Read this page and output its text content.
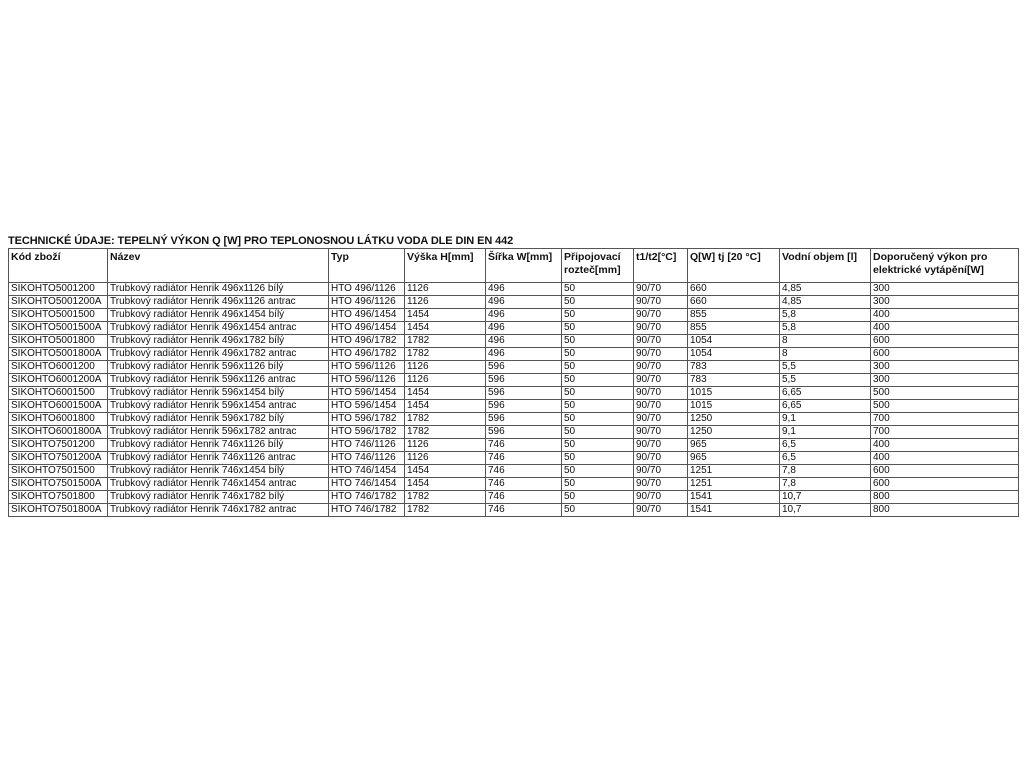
TECHNICKÉ ÚDAJE: TEPELNÝ VÝKON Q [W] PRO TEPLONOSNOU LÁTKU VODA DLE DIN EN 442
Kód zboží	Název	Typ	Výška H[mm]	Šířka W[mm]	Připojovací rozteč[mm]	t1/t2[°C]	Q[W] tj [20 °C]	Vodní objem [l]	Doporučený výkon pro elektrické vytápění[W]
SIKOHTO5001200	Trubkový radiátor Henrik 496x1126 bílý	HTO 496/1126	1126	496	50	90/70	660	4,85	300
SIKOHTO5001200A	Trubkový radiátor Henrik 496x1126 antrac	HTO 496/1126	1126	496	50	90/70	660	4,85	300
SIKOHTO5001500	Trubkový radiátor Henrik 496x1454 bílý	HTO 496/1454	1454	496	50	90/70	855	5,8	400
SIKOHTO5001500A	Trubkový radiátor Henrik 496x1454 antrac	HTO 496/1454	1454	496	50	90/70	855	5,8	400
SIKOHTO5001800	Trubkový radiátor Henrik 496x1782 bílý	HTO 496/1782	1782	496	50	90/70	1054	8	600
SIKOHTO5001800A	Trubkový radiátor Henrik 496x1782 antrac	HTO 496/1782	1782	496	50	90/70	1054	8	600
SIKOHTO6001200	Trubkový radiátor Henrik 596x1126 bílý	HTO 596/1126	1126	596	50	90/70	783	5,5	300
SIKOHTO6001200A	Trubkový radiátor Henrik 596x1126 antrac	HTO 596/1126	1126	596	50	90/70	783	5,5	300
SIKOHTO6001500	Trubkový radiátor Henrik 596x1454 bílý	HTO 596/1454	1454	596	50	90/70	1015	6,65	500
SIKOHTO6001500A	Trubkový radiátor Henrik 596x1454 antrac	HTO 596/1454	1454	596	50	90/70	1015	6,65	500
SIKOHTO6001800	Trubkový radiátor Henrik 596x1782 bílý	HTO 596/1782	1782	596	50	90/70	1250	9,1	700
SIKOHTO6001800A	Trubkový radiátor Henrik 596x1782 antrac	HTO 596/1782	1782	596	50	90/70	1250	9,1	700
SIKOHTO7501200	Trubkový radiátor Henrik 746x1126 bílý	HTO 746/1126	1126	746	50	90/70	965	6,5	400
SIKOHTO7501200A	Trubkový radiátor Henrik 746x1126 antrac	HTO 746/1126	1126	746	50	90/70	965	6,5	400
SIKOHTO7501500	Trubkový radiátor Henrik 746x1454 bílý	HTO 746/1454	1454	746	50	90/70	1251	7,8	600
SIKOHTO7501500A	Trubkový radiátor Henrik 746x1454 antrac	HTO 746/1454	1454	746	50	90/70	1251	7,8	600
SIKOHTO7501800	Trubkový radiátor Henrik 746x1782 bílý	HTO 746/1782	1782	746	50	90/70	1541	10,7	800
SIKOHTO7501800A	Trubkový radiátor Henrik 746x1782 antrac	HTO 746/1782	1782	746	50	90/70	1541	10,7	800
